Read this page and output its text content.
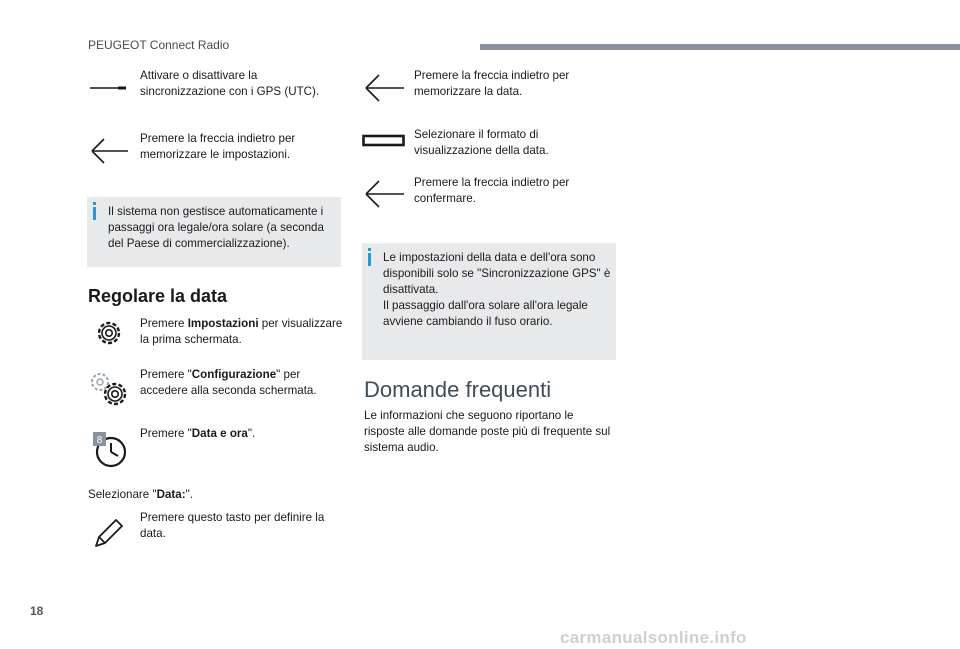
PEUGEOT Connect Radio
Attivare o disattivare la sincronizzazione con i GPS (UTC).
Premere la freccia indietro per memorizzare le impostazioni.
Il sistema non gestisce automaticamente i passaggi ora legale/ora solare (a seconda del Paese di commercializzazione).
Regolare la data
Premere Impostazioni per visualizzare la prima schermata.
Premere "Configurazione" per accedere alla seconda schermata.
8
Premere "Data e ora".
Selezionare "Data:".
Premere questo tasto per definire la data.
Premere la freccia indietro per memorizzare la data.
Selezionare il formato di visualizzazione della data.
Premere la freccia indietro per confermare.
Le impostazioni della data e dell'ora sono disponibili solo se "Sincronizzazione GPS" è disattivata.
Il passaggio dall'ora solare all'ora legale avviene cambiando il fuso orario.
Domande frequenti
Le informazioni che seguono riportano le risposte alle domande poste più di frequente sul sistema audio.
18
carmanualsonline.info
